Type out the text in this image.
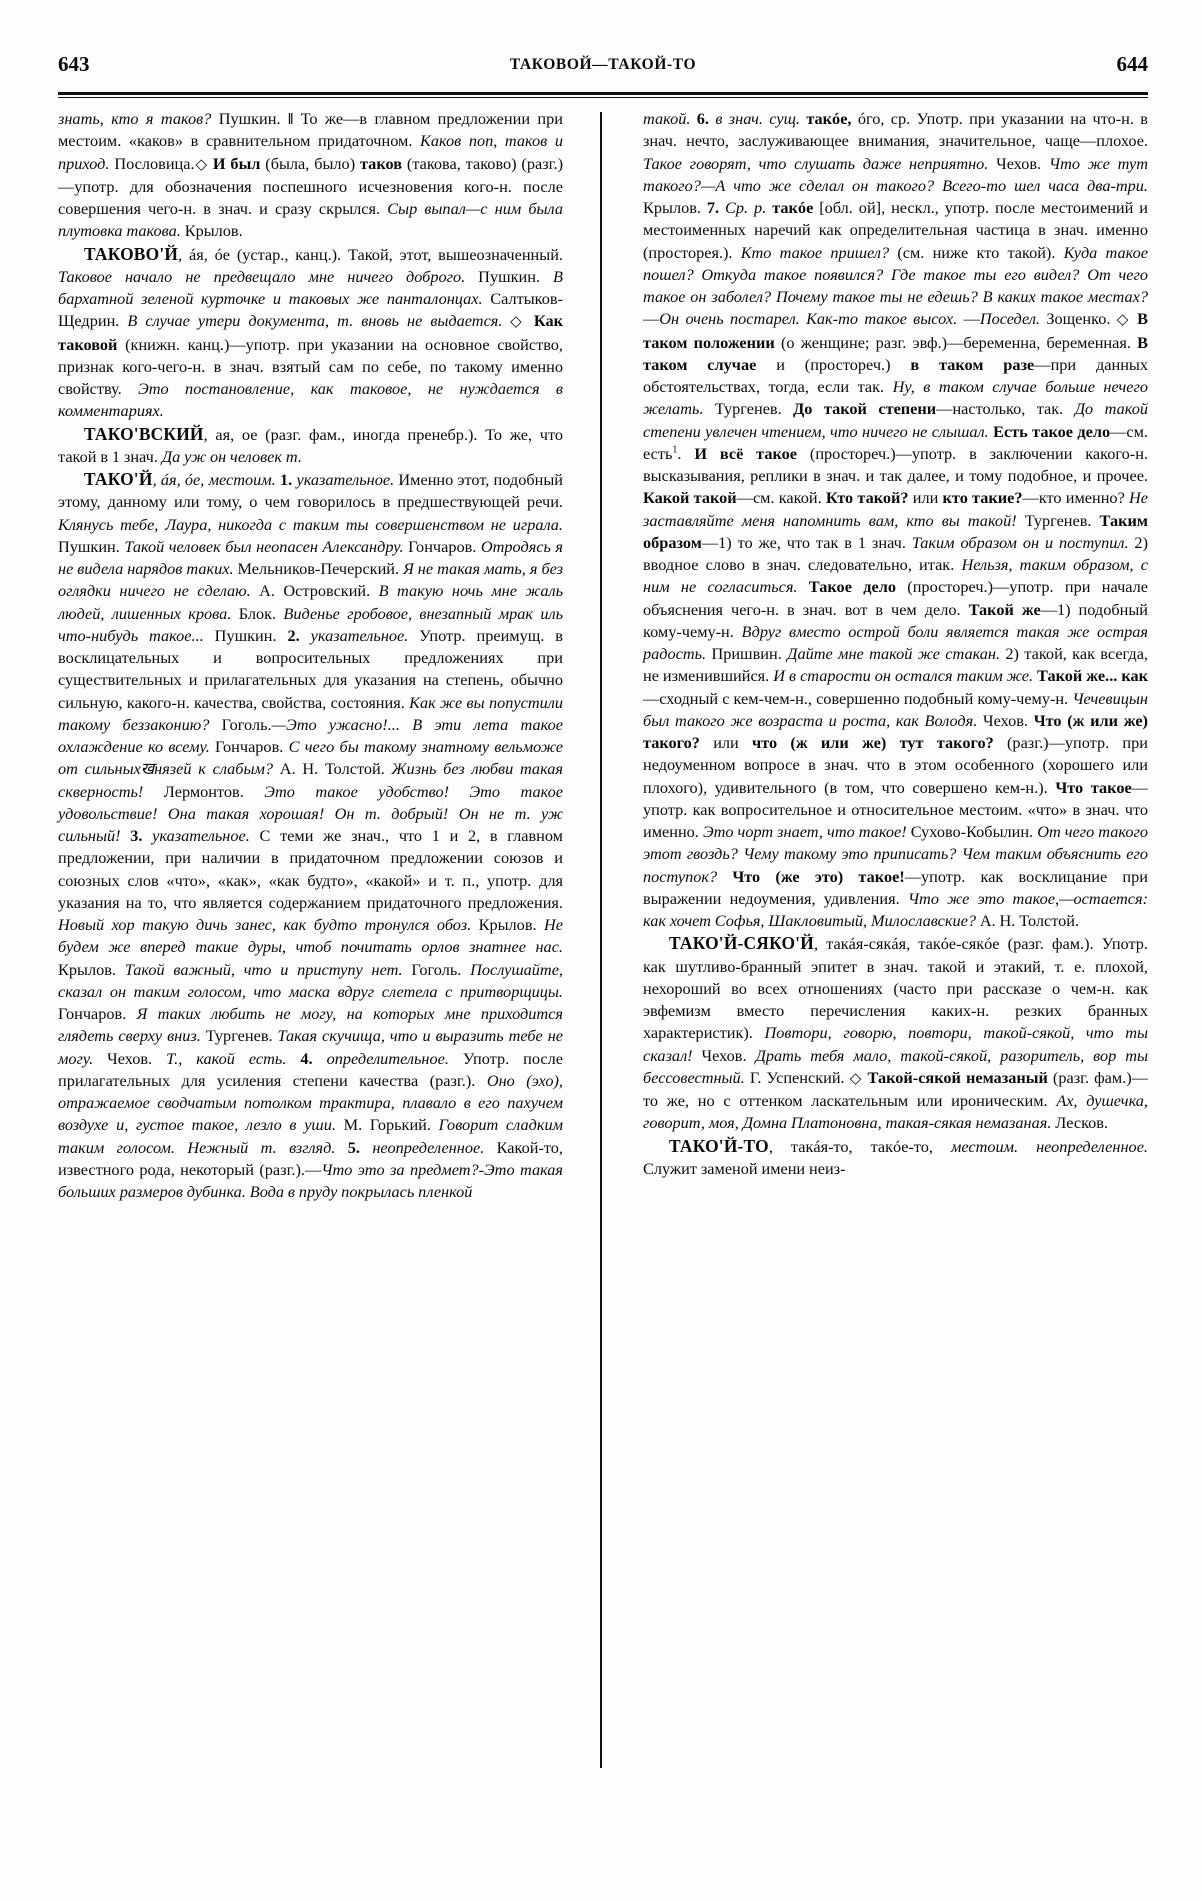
643	ТАКОВОЙ—ТАКОЙ-ТО	644

знать, кто я таков? Пушкин. ‖ То же—в главном предложении при местоим. «каков» в сравнительном придаточном. Каков поп, таков и приход. Пословица.◇ И был (была, было) таков (такова, таково) (разг.)—употр. для обозначения поспешного исчезновения кого-н. после совершения чего-н. в знач. и сразу скрылся. Сыр выпал—с ним была плутовка такова. Крылов.

ТАКОВО'Й, áя, óе (устар., канц.). Такой, этот, вышеозначенный. Таковое начало не предвещало мне ничего доброго. Пушкин. В бархатной зеленой курточке и таковых же панталонцах. Салтыков-Щедрин. В случае утери документа, т. вновь не выдается. ◇ Как таковой (книжн. канц.)—употр. при указании на основное свойство, признак кого-чего-н. в знач. взятый сам по себе, по такому именно свойству. Это постановление, как таковое, не нуждается в комментариях.

ТАКО'ВСКИЙ, ая, ое (разг. фам., иногда пренебр.). То же, что такой в 1 знач. Да уж он человек т.

ТАКО'Й, áя, óе, местоим. 1. указательное. Именно этот, подобный этому, данному или тому, о чем говорилось в предшествующей речи. Клянусь тебе, Лаура, никогда с таким ты совершенством не играла. Пушкин. Такой человек был неопасен Александру. Гончаров. Отродясь я не видела нарядов таких. Мельников-Печерский. Я не такая мать, я без оглядки ничего не сделаю. А. Островский. В такую ночь мне жаль людей, лишенных крова. Блок. Виденье гробовое, внезапный мрак иль что-нибудь такое... Пушкин. 2. указательное. Употр. преимущ. в восклицательных и вопросительных предложениях при существительных и прилагательных для указания на степень, обычно сильную, какого-н. качества, свойства, состояния. Как же вы попустили такому беззаконию? Гоголь.—Это ужасно!... В эти лета такое охлаждение ко всему. Гончаров. С чего бы такому знатному вельможе от сильныхखнязей к слабым? А. Н. Толстой. Жизнь без любви такая скверность! Лермонтов. Это такое удобство! Это такое удовольствие! Она такая хорошая! Он т. добрый! Он не т. уж сильный! 3. указательное. С теми же знач., что 1 и 2, в главном предложении, при наличии в придаточном предложении союзов и союзных слов «что», «как», «как будто», «какой» и т. п., употр. для указания на то, что является содержанием придаточного предложения. Новый хор такую дичь занес, как будто тронулся обоз. Крылов. Не будем же вперед такие дуры, чтоб почитать орлов знатнее нас. Крылов. Такой важный, что и приступу нет. Гоголь. Послушайте, сказал он таким голосом, что маска вдруг слетела с притворщицы. Гончаров. Я таких любить не могу, на которых мне приходится глядеть сверху вниз. Тургенев. Такая скучища, что и выразить тебе не могу. Чехов. Т., какой есть. 4. определительное. Употр. после прилагательных для усиления степени качества (разг.). Оно (эхо), отражаемое сводчатым потолком трактира, плавало в его пахучем воздухе и, густое такое, лезло в уши. М. Горький. Говорит сладким таким голосом. Нежный т. взгляд. 5. неопределенное. Какой-то, известного рода, некоторый (разг.).—Что это за предмет?-Это такая больших размеров дубинка. Вода в пруду покрылась пленкой

такой. 6. в знач. сущ. такóе, óго, ср. Употр. при указании на что-н. в знач. нечто, заслуживающее внимания, значительное, чаще—плохое. Такое говорят, что слушать даже неприятно. Чехов. Что же тут такого?—А что же сделал он такого? Всего-то шел часа два-три. Крылов. 7. Ср. р. такóе [обл. ой], нескл., употр. после местоимений и местоименных наречий как определительная частица в знач. именно (просторея.). Кто такое пришел? (см. ниже кто такой). Куда такое пошел? Откуда такое появился? Где такое ты его видел? От чего такое он заболел? Почему такое ты не едешь? В каких такое местах? —Он очень постарел. Как-то такое высох. —Поседел. Зощенко. ◇ В таком положении (о женщине; разг. эвф.)—беременна, беременная. В таком случае и (простореч.) в таком разе—при данных обстоятельствах, тогда, если так. Ну, в таком случае больше нечего желать. Тургенев. До такой степени—настолько, так. До такой степени увлечен чтением, что ничего не слышал. Есть такое дело—см. есть$^1$. И всё такое (простореч.)—употр. в заключении какого-н. высказывания, реплики в знач. и так далее, и тому подобное, и прочее. Какой такой—см. какой. Кто такой? или кто такие?—кто именно? Не заставляйте меня напомнить вам, кто вы такой! Тургенев. Таким образом—1) то же, что так в 1 знач. Таким образом он и поступил. 2) вводное слово в знач. следовательно, итак. Нельзя, таким образом, с ним не согласиться. Такое дело (простореч.)—употр. при начале объяснения чего-н. в знач. вот в чем дело. Такой же—1) подобный кому-чему-н. Вдруг вместо острой боли является такая же острая радость. Пришвин. Дайте мне такой же стакан. 2) такой, как всегда, не изменившийся. И в старости он остался таким же. Такой же... как—сходный с кем-чем-н., совершенно подобный кому-чему-н. Чечевицын был такого же возраста и роста, как Володя. Чехов. Что (ж или же) такого? или что (ж или же) тут такого? (разг.)—употр. при недоуменном вопросе в знач. что в этом особенного (хорошего или плохого), удивительного (в том, что совершено кем-н.). Что такое—употр. как вопросительное и относительное местоим. «что» в знач. что именно. Это чорт знает, что такое! Сухово-Кобылин. От чего такого этот гвоздь? Чему такому это приписать? Чем таким объяснить его поступок? Что (же это) такое!—употр. как восклицание при выражении недоумения, удивления. Что же это такое,—остается: как хочет Софья, Шакловитый, Милославские? А. Н. Толстой.

ТАКО'Й-СЯКО'Й, такáя-сякáя, такóе-сякóе (разг. фам.). Употр. как шутливо-бранный эпитет в знач. такой и этакий, т. е. плохой, нехороший во всех отношениях (часто при рассказе о чем-н. как эвфемизм вместо перечисления каких-н. резких бранных характеристик). Повтори, говорю, повтори, такой-сякой, что ты сказал! Чехов. Драть тебя мало, такой-сякой, разоритель, вор ты бессовестный. Г. Успенский. ◇ Такой-сякой немазаный (разг. фам.)—то же, но с оттенком ласкательным или ироническим. Ах, душечка, говорит, моя, Домна Платоновна, такая-сякая немазаная. Лесков.

ТАКО'Й-ТО, такáя-то, такóе-то, местоим. неопределенное. Служит заменой имени неиз-
